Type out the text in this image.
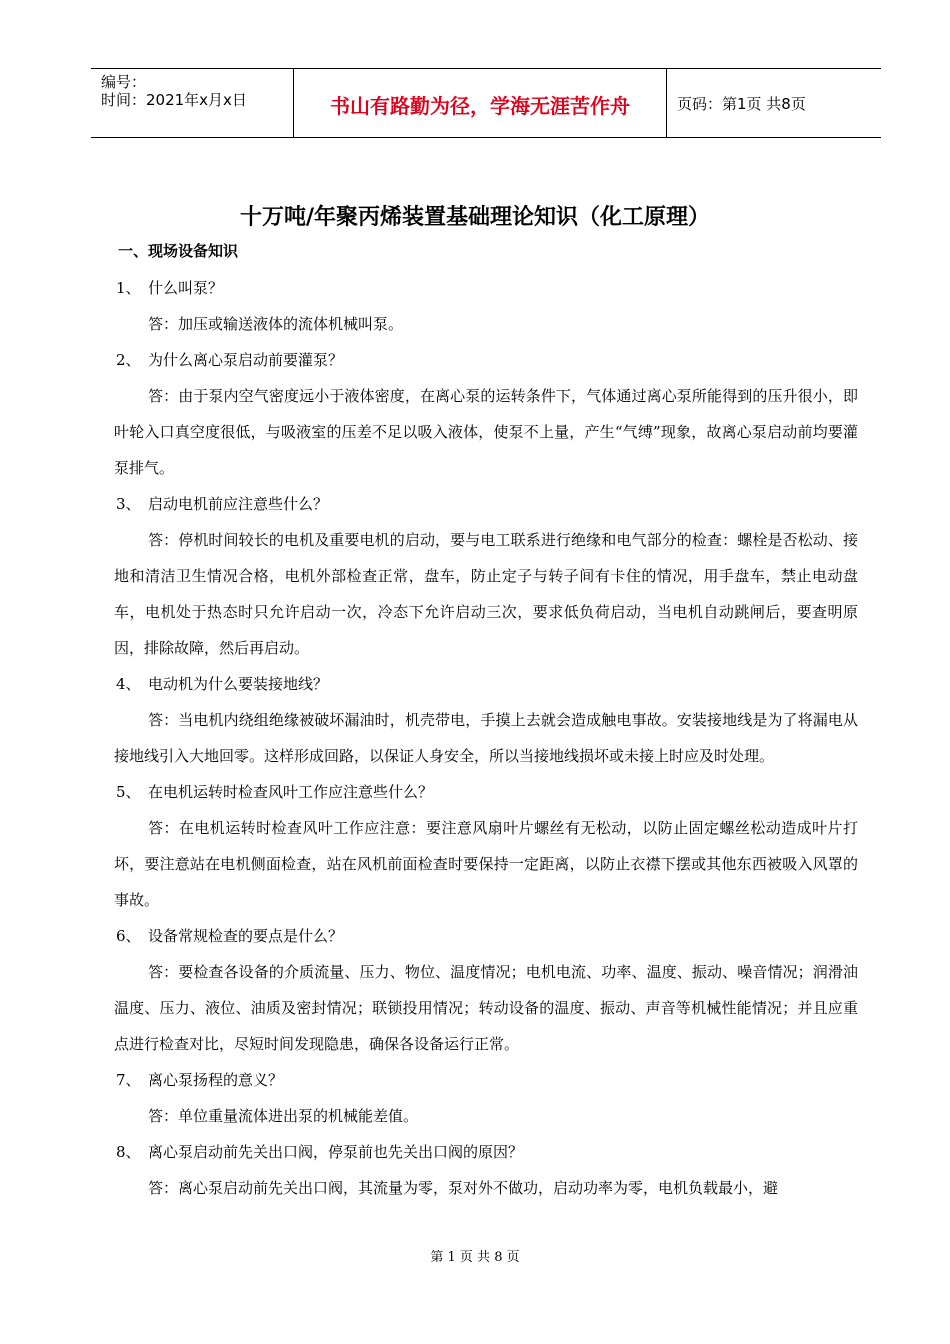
编号：
时间：2021年x月x日	书山有路勤为径，学海无涯苦作舟	页码：第1页 共8页
十万吨/年聚丙烯装置基础理论知识（化工原理）
一、现场设备知识
1、 什么叫泵？
答：加压或输送液体的流体机械叫泵。
2、 为什么离心泵启动前要灌泵？
答：由于泵内空气密度远小于液体密度，在离心泵的运转条件下，气体通过离心泵所能得到的压升很小，即叶轮入口真空度很低，与吸液室的压差不足以吸入液体，使泵不上量，产生“气缚”现象，故离心泵启动前均要灌泵排气。
3、 启动电机前应注意些什么？
答：停机时间较长的电机及重要电机的启动，要与电工联系进行绝缘和电气部分的检查：螺栓是否松动、接地和清洁卫生情况合格，电机外部检查正常，盘车，防止定子与转子间有卡住的情况，用手盘车，禁止电动盘车，电机处于热态时只允许启动一次，冷态下允许启动三次，要求低负荷启动，当电机自动跳闸后，要查明原因，排除故障，然后再启动。
4、 电动机为什么要装接地线？
答：当电机内绕组绝缘被破坏漏油时，机壳带电，手摸上去就会造成触电事故。安装接地线是为了将漏电从接地线引入大地回零。这样形成回路，以保证人身安全，所以当接地线损坏或未接上时应及时处理。
5、 在电机运转时检查风叶工作应注意些什么？
答：在电机运转时检查风叶工作应注意：要注意风扇叶片螺丝有无松动，以防止固定螺丝松动造成叶片打坏，要注意站在电机侧面检查，站在风机前面检查时要保持一定距离，以防止衣襟下摆或其他东西被吸入风罩的事故。
6、 设备常规检查的要点是什么？
答：要检查各设备的介质流量、压力、物位、温度情况；电机电流、功率、温度、振动、噪音情况；润滑油温度、压力、液位、油质及密封情况；联锁投用情况；转动设备的温度、振动、声音等机械性能情况；并且应重点进行检查对比，尽短时间发现隐患，确保各设备运行正常。
7、 离心泵扬程的意义？
答：单位重量流体进出泵的机械能差值。
8、 离心泵启动前先关出口阀，停泵前也先关出口阀的原因？
答：离心泵启动前先关出口阀，其流量为零，泵对外不做功，启动功率为零，电机负载最小，避
第 1 页 共 8 页
